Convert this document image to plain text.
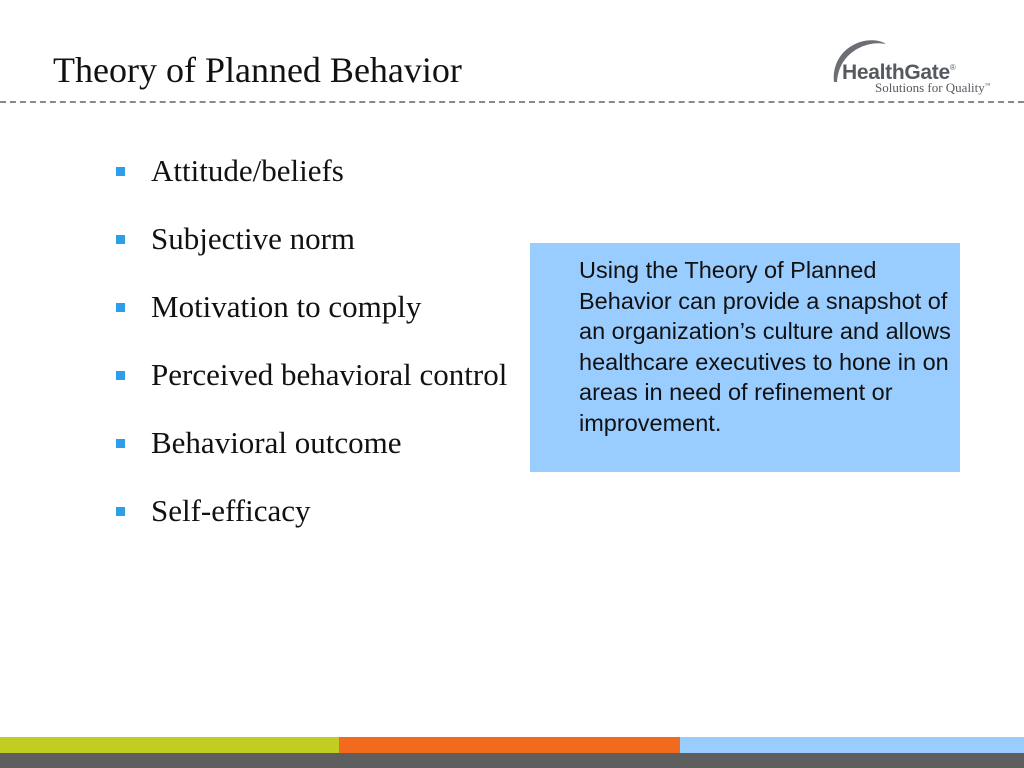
Theory of Planned Behavior	HealthGate®
Solutions for Quality™
Attitude/beliefs
Subjective norm
Motivation to comply
Perceived behavioral control
Behavioral outcome
Self-efficacy

Using the Theory of Planned Behavior can provide a snapshot of an organization’s culture and allows healthcare executives to hone in on areas in need of refinement or improvement.
